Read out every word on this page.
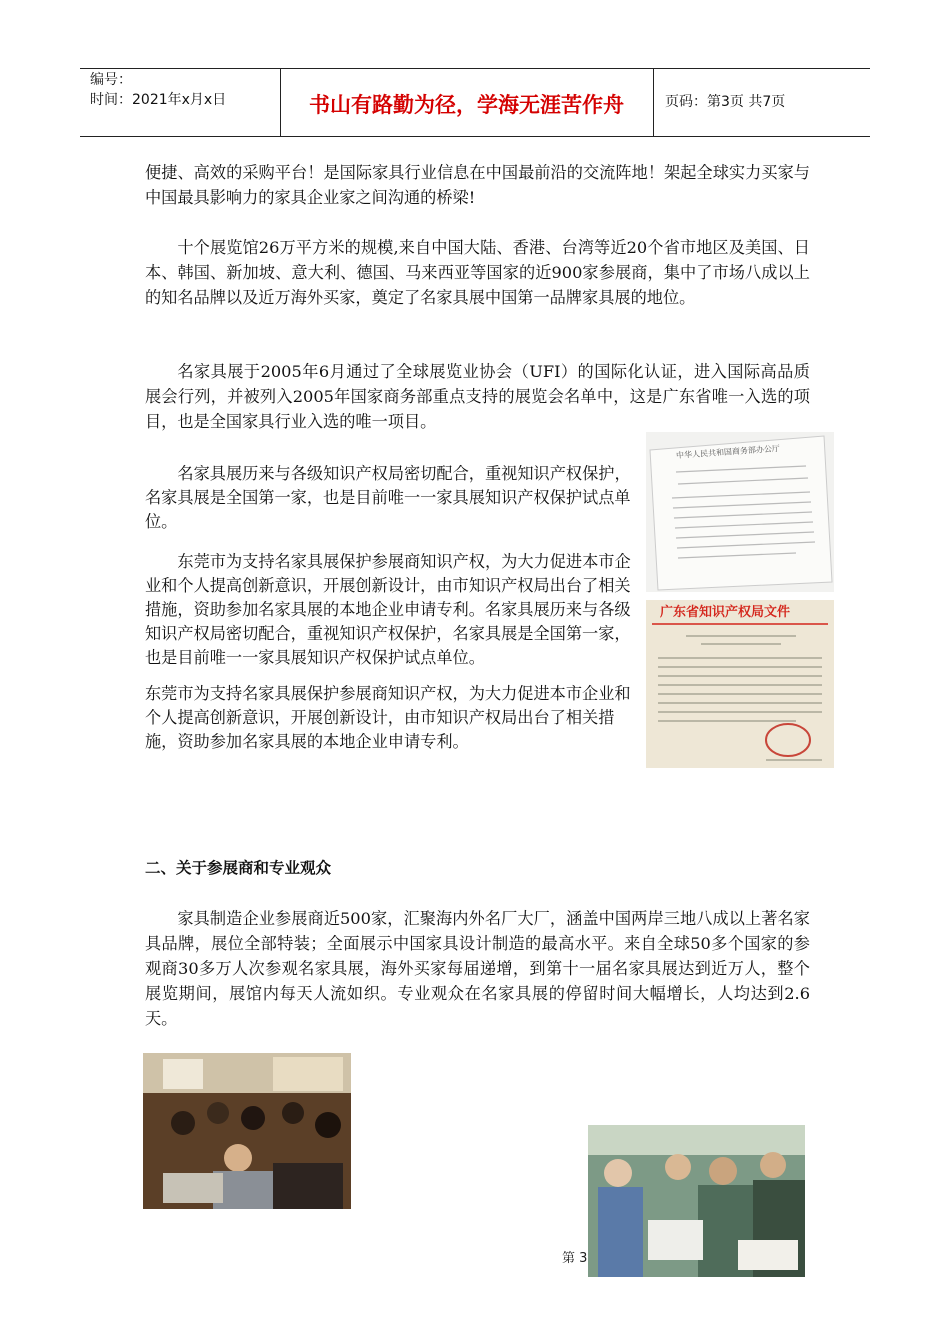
编号：
时间：2021年x月x日	书山有路勤为径，学海无涯苦作舟	页码：第3页 共7页

便捷、高效的采购平台！是国际家具行业信息在中国最前沿的交流阵地！架起全球实力买家与中国最具影响力的家具企业家之间沟通的桥梁!

十个展览馆26万平方米的规模,来自中国大陆、香港、台湾等近20个省市地区及美国、日本、韩国、新加坡、意大利、德国、马来西亚等国家的近900家参展商，集中了市场八成以上的知名品牌以及近万海外买家，奠定了名家具展中国第一品牌家具展的地位。

名家具展于2005年6月通过了全球展览业协会（UFI）的国际化认证，进入国际高品质展会行列，并被列入2005年国家商务部重点支持的展览会名单中，这是广东省唯一入选的项目，也是全国家具行业入选的唯一项目。

名家具展历来与各级知识产权局密切配合，重视知识产权保护，名家具展是全国第一家，也是目前唯一一家具展知识产权保护试点单位。

东莞市为支持名家具展保护参展商知识产权，为大力促进本市企业和个人提高创新意识，开展创新设计，由市知识产权局出台了相关措施，资助参加名家具展的本地企业申请专利。名家具展历来与各级知识产权局密切配合，重视知识产权保护，名家具展是全国第一家，也是目前唯一一家具展知识产权保护试点单位。

东莞市为支持名家具展保护参展商知识产权，为大力促进本市企业和个人提高创新意识，开展创新设计，由市知识产权局出台了相关措施，资助参加名家具展的本地企业申请专利。

中华人民共和国商务部办公厅
广东省知识产权局文件
二、关于参展商和专业观众

家具制造企业参展商近500家，汇聚海内外名厂大厂，涵盖中国两岸三地八成以上著名家具品牌，展位全部特装；全面展示中国家具设计制造的最高水平。来自全球50多个国家的参观商30多万人次参观名家具展，海外买家每届递增，到第十一届名家具展达到近万人，整个展览期间，展馆内每天人流如织。专业观众在名家具展的停留时间大幅增长，人均达到2.6天。

第 3
